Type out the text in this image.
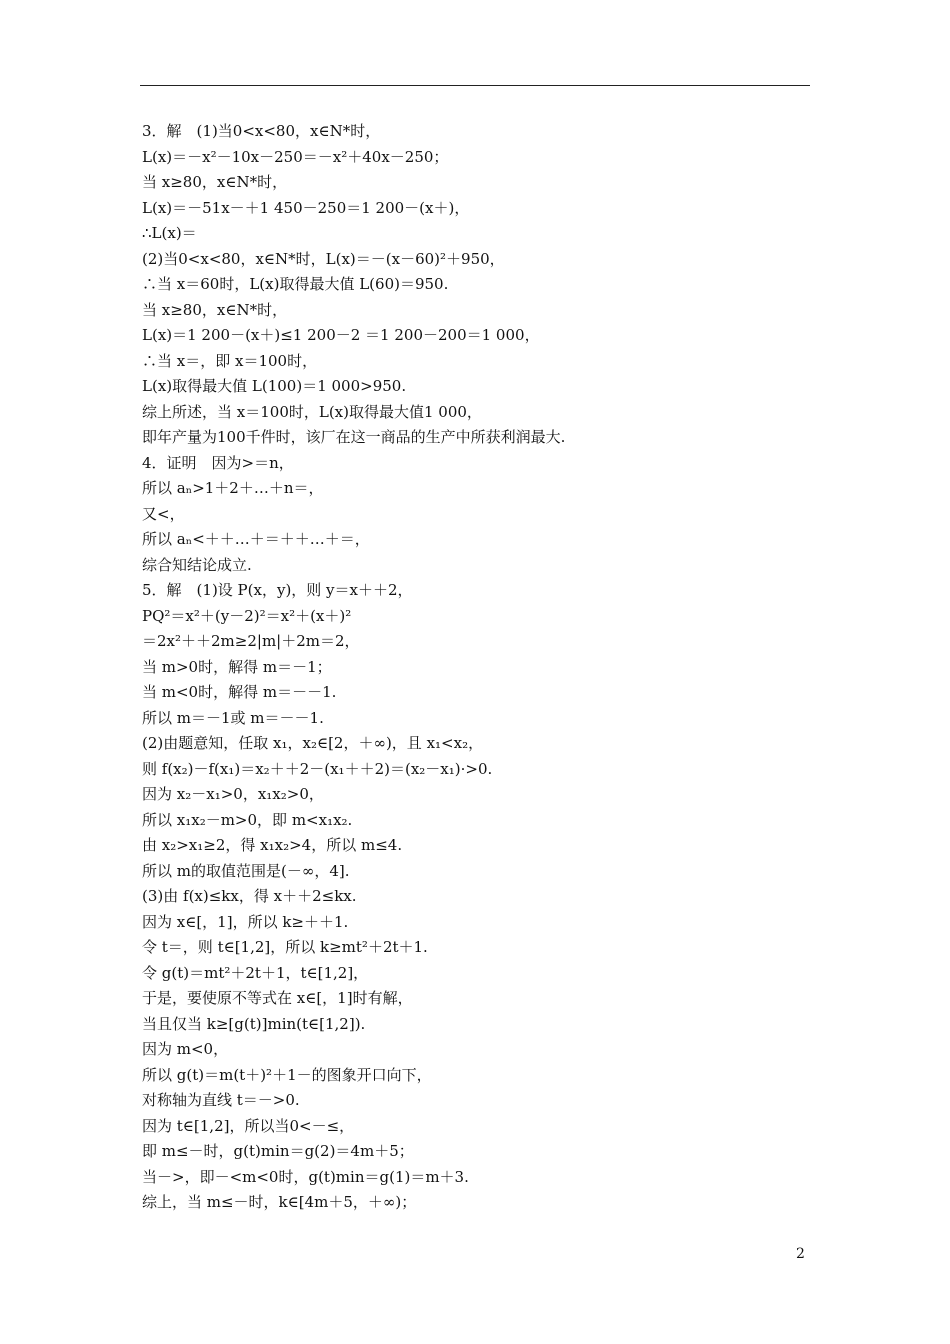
3．解　(1)当0<x<80，x∈N*时，
L(x)＝－x²－10x－250＝－x²＋40x－250；
当 x≥80，x∈N*时，
L(x)＝－51x－＋1 450－250＝1 200－(x＋)，
∴L(x)＝
(2)当0<x<80，x∈N*时，L(x)＝－(x－60)²＋950，
∴当 x＝60时，L(x)取得最大值 L(60)＝950.
当 x≥80，x∈N*时，
L(x)＝1 200－(x＋)≤1 200－2 ＝1 200－200＝1 000，
∴当 x＝，即 x＝100时，
L(x)取得最大值 L(100)＝1 000>950.
综上所述，当 x＝100时，L(x)取得最大值1 000，
即年产量为100千件时，该厂在这一商品的生产中所获利润最大.
4．证明　因为>＝n，
所以 aₙ>1＋2＋…＋n＝，
又<，
所以 aₙ<＋＋…＋＝＋＋…＋＝，
综合知结论成立.
5．解　(1)设 P(x，y)，则 y＝x＋＋2，
PQ²＝x²＋(y－2)²＝x²＋(x＋)²
＝2x²＋＋2m≥2|m|＋2m＝2，
当 m>0时，解得 m＝－1；
当 m<0时，解得 m＝－－1.
所以 m＝－1或 m＝－－1.
(2)由题意知，任取 x₁，x₂∈[2，＋∞)，且 x₁<x₂，
则 f(x₂)－f(x₁)＝x₂＋＋2－(x₁＋＋2)＝(x₂－x₁)·>0.
因为 x₂－x₁>0，x₁x₂>0，
所以 x₁x₂－m>0，即 m<x₁x₂.
由 x₂>x₁≥2，得 x₁x₂>4，所以 m≤4.
所以 m的取值范围是(－∞，4].
(3)由 f(x)≤kx，得 x＋＋2≤kx.
因为 x∈[，1]，所以 k≥＋＋1.
令 t＝，则 t∈[1,2]，所以 k≥mt²＋2t＋1.
令 g(t)＝mt²＋2t＋1，t∈[1,2]，
于是，要使原不等式在 x∈[，1]时有解，
当且仅当 k≥[g(t)]min(t∈[1,2]).
因为 m<0，
所以 g(t)＝m(t＋)²＋1－的图象开口向下，
对称轴为直线 t＝－>0.
因为 t∈[1,2]，所以当0<－≤，
即 m≤－时，g(t)min＝g(2)＝4m＋5；
当－>，即－<m<0时，g(t)min＝g(1)＝m＋3.
综上，当 m≤－时，k∈[4m＋5，＋∞)；
2
